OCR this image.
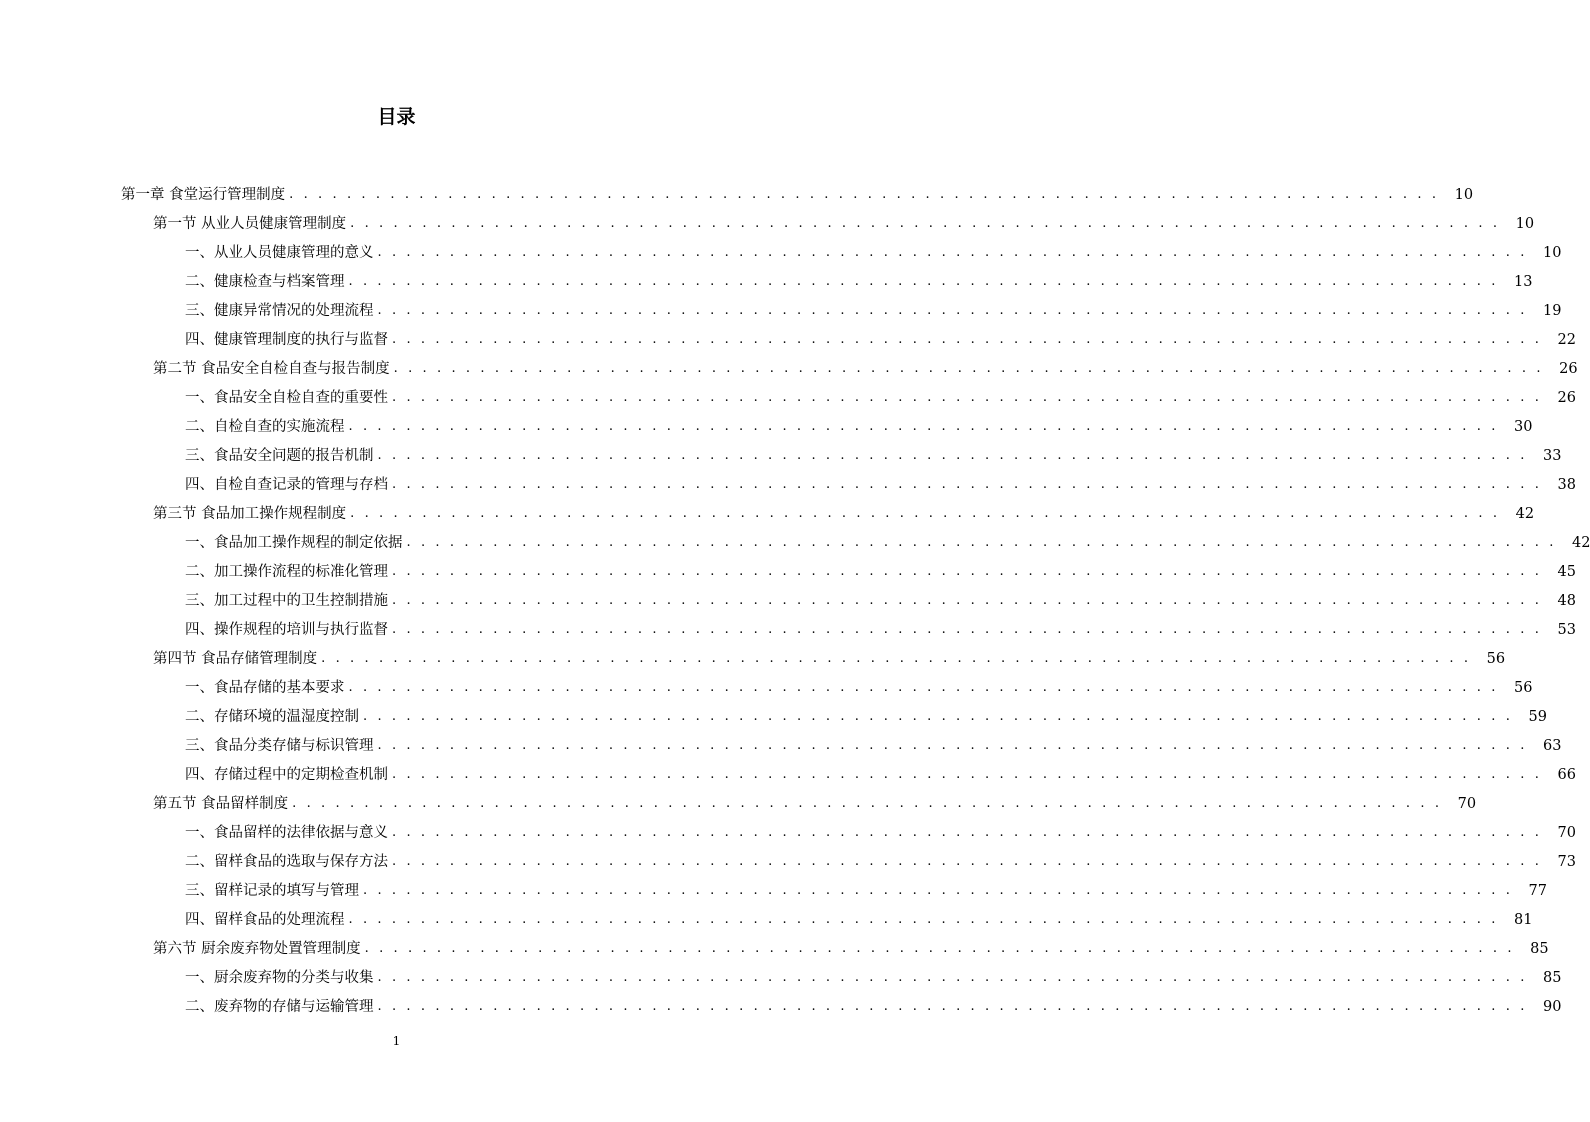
目录
第一章 食堂运行管理制度 . . . . . . . . . . . . . . . . . . . . . . . . . . . . . . . . . . . . . . . . . . . . . . . . . . . . . . . . . . . . . . . . . . . . . . . . . . . . . . . .	10
第一节 从业人员健康管理制度 . . . . . . . . . . . . . . . . . . . . . . . . . . . . . . . . . . . . . . . . . . . . . . . . . . . . . . . . . . . . . . . . . . . . . . . . . . . . . . . .	10
一、从业人员健康管理的意义 . . . . . . . . . . . . . . . . . . . . . . . . . . . . . . . . . . . . . . . . . . . . . . . . . . . . . . . . . . . . . . . . . . . . . . . . . . . . . . . .	10
二、健康检查与档案管理 . . . . . . . . . . . . . . . . . . . . . . . . . . . . . . . . . . . . . . . . . . . . . . . . . . . . . . . . . . . . . . . . . . . . . . . . . . . . . . . .	13
三、健康异常情况的处理流程 . . . . . . . . . . . . . . . . . . . . . . . . . . . . . . . . . . . . . . . . . . . . . . . . . . . . . . . . . . . . . . . . . . . . . . . . . . . . . . . .	19
四、健康管理制度的执行与监督 . . . . . . . . . . . . . . . . . . . . . . . . . . . . . . . . . . . . . . . . . . . . . . . . . . . . . . . . . . . . . . . . . . . . . . . . . . . . . . . .	22
第二节 食品安全自检自查与报告制度 . . . . . . . . . . . . . . . . . . . . . . . . . . . . . . . . . . . . . . . . . . . . . . . . . . . . . . . . . . . . . . . . . . . . . . . . . . . . . . . .	26
一、食品安全自检自查的重要性 . . . . . . . . . . . . . . . . . . . . . . . . . . . . . . . . . . . . . . . . . . . . . . . . . . . . . . . . . . . . . . . . . . . . . . . . . . . . . . . .	26
二、自检自查的实施流程 . . . . . . . . . . . . . . . . . . . . . . . . . . . . . . . . . . . . . . . . . . . . . . . . . . . . . . . . . . . . . . . . . . . . . . . . . . . . . . . .	30
三、食品安全问题的报告机制 . . . . . . . . . . . . . . . . . . . . . . . . . . . . . . . . . . . . . . . . . . . . . . . . . . . . . . . . . . . . . . . . . . . . . . . . . . . . . . . .	33
四、自检自查记录的管理与存档 . . . . . . . . . . . . . . . . . . . . . . . . . . . . . . . . . . . . . . . . . . . . . . . . . . . . . . . . . . . . . . . . . . . . . . . . . . . . . . . .	38
第三节 食品加工操作规程制度 . . . . . . . . . . . . . . . . . . . . . . . . . . . . . . . . . . . . . . . . . . . . . . . . . . . . . . . . . . . . . . . . . . . . . . . . . . . . . . . .	42
一、食品加工操作规程的制定依据 . . . . . . . . . . . . . . . . . . . . . . . . . . . . . . . . . . . . . . . . . . . . . . . . . . . . . . . . . . . . . . . . . . . . . . . . . . . . . . . .	42
二、加工操作流程的标准化管理 . . . . . . . . . . . . . . . . . . . . . . . . . . . . . . . . . . . . . . . . . . . . . . . . . . . . . . . . . . . . . . . . . . . . . . . . . . . . . . . .	45
三、加工过程中的卫生控制措施 . . . . . . . . . . . . . . . . . . . . . . . . . . . . . . . . . . . . . . . . . . . . . . . . . . . . . . . . . . . . . . . . . . . . . . . . . . . . . . . .	48
四、操作规程的培训与执行监督 . . . . . . . . . . . . . . . . . . . . . . . . . . . . . . . . . . . . . . . . . . . . . . . . . . . . . . . . . . . . . . . . . . . . . . . . . . . . . . . .	53
第四节 食品存储管理制度 . . . . . . . . . . . . . . . . . . . . . . . . . . . . . . . . . . . . . . . . . . . . . . . . . . . . . . . . . . . . . . . . . . . . . . . . . . . . . . . .	56
一、食品存储的基本要求 . . . . . . . . . . . . . . . . . . . . . . . . . . . . . . . . . . . . . . . . . . . . . . . . . . . . . . . . . . . . . . . . . . . . . . . . . . . . . . . .	56
二、存储环境的温湿度控制 . . . . . . . . . . . . . . . . . . . . . . . . . . . . . . . . . . . . . . . . . . . . . . . . . . . . . . . . . . . . . . . . . . . . . . . . . . . . . . . .	59
三、食品分类存储与标识管理 . . . . . . . . . . . . . . . . . . . . . . . . . . . . . . . . . . . . . . . . . . . . . . . . . . . . . . . . . . . . . . . . . . . . . . . . . . . . . . . .	63
四、存储过程中的定期检查机制 . . . . . . . . . . . . . . . . . . . . . . . . . . . . . . . . . . . . . . . . . . . . . . . . . . . . . . . . . . . . . . . . . . . . . . . . . . . . . . . .	66
第五节 食品留样制度 . . . . . . . . . . . . . . . . . . . . . . . . . . . . . . . . . . . . . . . . . . . . . . . . . . . . . . . . . . . . . . . . . . . . . . . . . . . . . . . .	70
一、食品留样的法律依据与意义 . . . . . . . . . . . . . . . . . . . . . . . . . . . . . . . . . . . . . . . . . . . . . . . . . . . . . . . . . . . . . . . . . . . . . . . . . . . . . . . .	70
二、留样食品的选取与保存方法 . . . . . . . . . . . . . . . . . . . . . . . . . . . . . . . . . . . . . . . . . . . . . . . . . . . . . . . . . . . . . . . . . . . . . . . . . . . . . . . .	73
三、留样记录的填写与管理 . . . . . . . . . . . . . . . . . . . . . . . . . . . . . . . . . . . . . . . . . . . . . . . . . . . . . . . . . . . . . . . . . . . . . . . . . . . . . . . .	77
四、留样食品的处理流程 . . . . . . . . . . . . . . . . . . . . . . . . . . . . . . . . . . . . . . . . . . . . . . . . . . . . . . . . . . . . . . . . . . . . . . . . . . . . . . . .	81
第六节 厨余废弃物处置管理制度 . . . . . . . . . . . . . . . . . . . . . . . . . . . . . . . . . . . . . . . . . . . . . . . . . . . . . . . . . . . . . . . . . . . . . . . . . . . . . . . .	85
一、厨余废弃物的分类与收集 . . . . . . . . . . . . . . . . . . . . . . . . . . . . . . . . . . . . . . . . . . . . . . . . . . . . . . . . . . . . . . . . . . . . . . . . . . . . . . . .	85
二、废弃物的存储与运输管理 . . . . . . . . . . . . . . . . . . . . . . . . . . . . . . . . . . . . . . . . . . . . . . . . . . . . . . . . . . . . . . . . . . . . . . . . . . . . . . . .	90
1
